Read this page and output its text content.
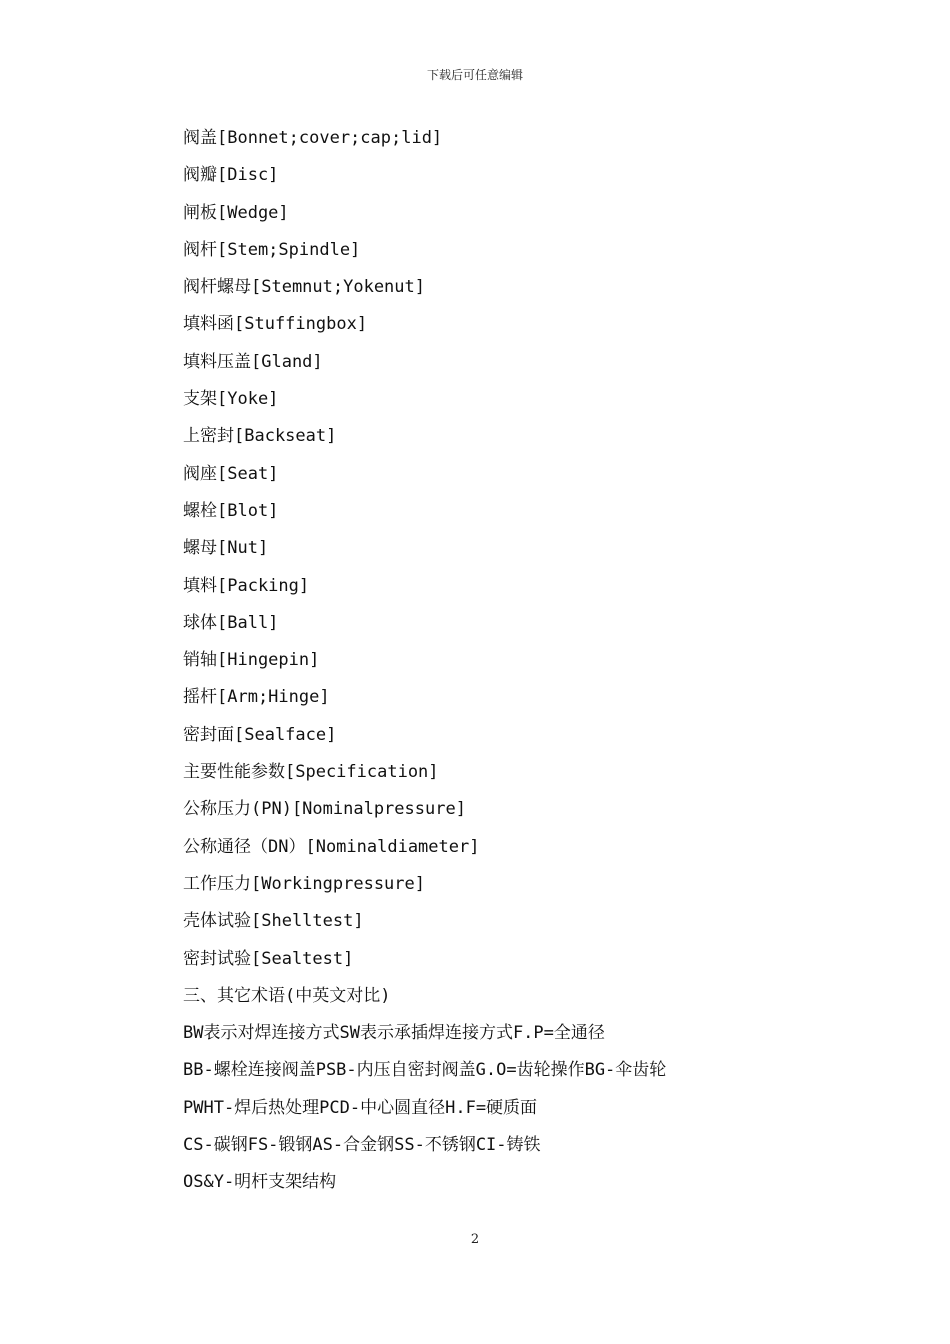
下载后可任意编辑
阀盖[Bonnet;cover;cap;lid]
阀瓣[Disc]
闸板[Wedge]
阀杆[Stem;Spindle]
阀杆螺母[Stemnut;Yokenut]
填料函[Stuffingbox]
填料压盖[Gland]
支架[Yoke]
上密封[Backseat]
阀座[Seat]
螺栓[Blot]
螺母[Nut]
填料[Packing]
球体[Ball]
销轴[Hingepin]
摇杆[Arm;Hinge]
密封面[Sealface]
主要性能参数[Specification]
公称压力(PN)[Nominalpressure]
公称通径（DN）[Nominaldiameter]
工作压力[Workingpressure]
壳体试验[Shelltest]
密封试验[Sealtest]
三、其它术语(中英文对比)
BW表示对焊连接方式SW表示承插焊连接方式F.P=全通径
BB-螺栓连接阀盖PSB-内压自密封阀盖G.O=齿轮操作BG-伞齿轮
PWHT-焊后热处理PCD-中心圆直径H.F=硬质面
CS-碳钢FS-锻钢AS-合金钢SS-不锈钢CI-铸铁
OS&Y-明杆支架结构
2
